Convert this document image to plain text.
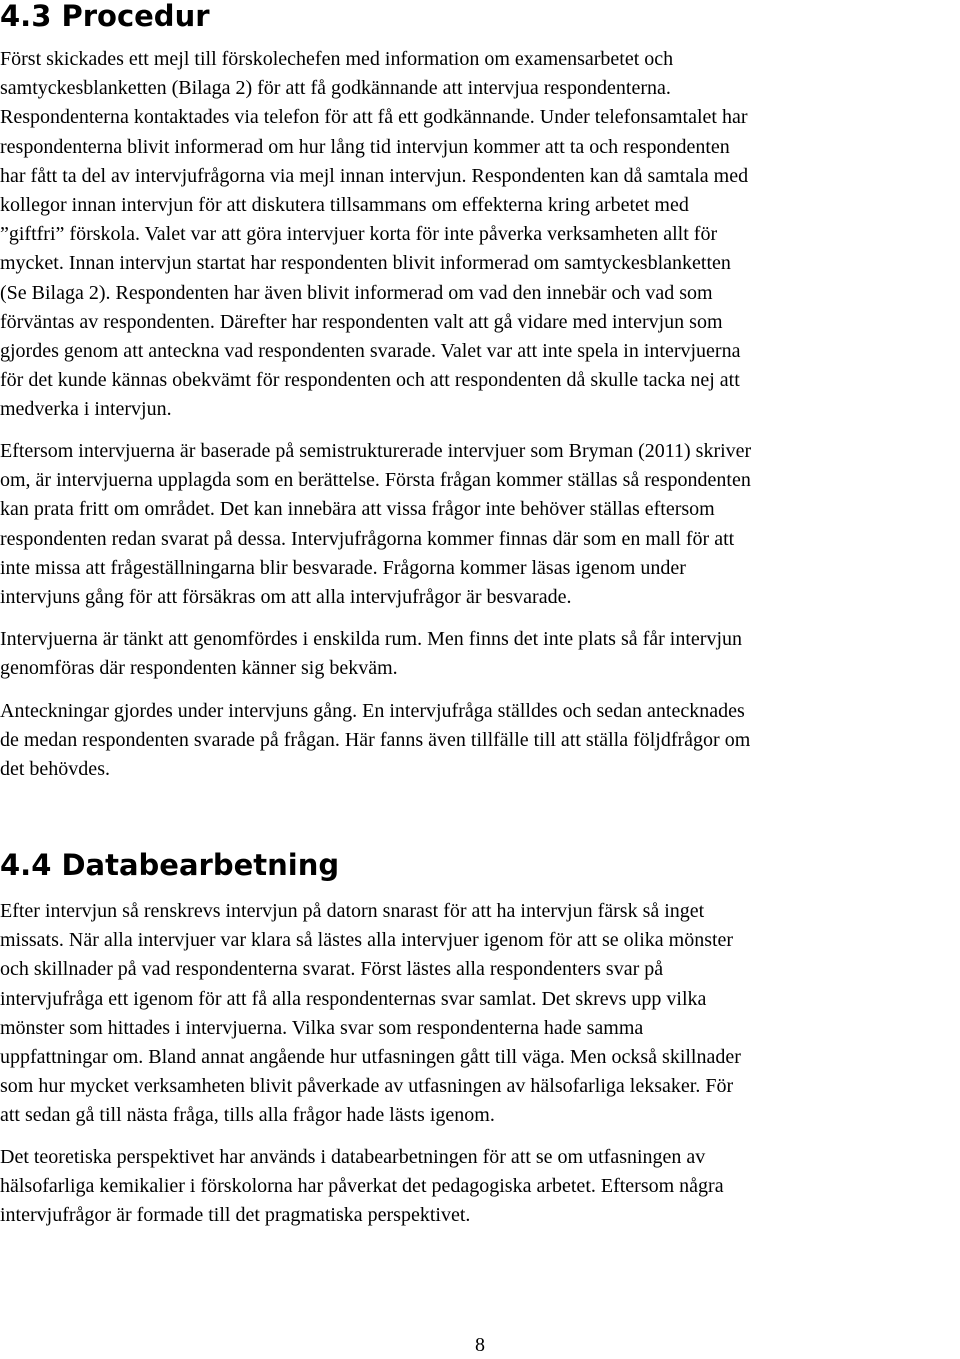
4.3 Procedur

Först skickades ett mejl till förskolechefen med information om examensarbetet och
samtyckesblanketten (Bilaga 2) för att få godkännande att intervjua respondenterna.
Respondenterna kontaktades via telefon för att få ett godkännande. Under telefonsamtalet har
respondenterna blivit informerad om hur lång tid intervjun kommer att ta och respondenten
har fått ta del av intervjufrågorna via mejl innan intervjun. Respondenten kan då samtala med
kollegor innan intervjun för att diskutera tillsammans om effekterna kring arbetet med
”giftfri” förskola. Valet var att göra intervjuer korta för inte påverka verksamheten allt för
mycket. Innan intervjun startat har respondenten blivit informerad om samtyckesblanketten
(Se Bilaga 2). Respondenten har även blivit informerad om vad den innebär och vad som
förväntas av respondenten. Därefter har respondenten valt att gå vidare med intervjun som
gjordes genom att anteckna vad respondenten svarade. Valet var att inte spela in intervjuerna
för det kunde kännas obekvämt för respondenten och att respondenten då skulle tacka nej att
medverka i intervjun.

Eftersom intervjuerna är baserade på semistrukturerade intervjuer som Bryman (2011) skriver
om, är intervjuerna upplagda som en berättelse. Första frågan kommer ställas så respondenten
kan prata fritt om området. Det kan innebära att vissa frågor inte behöver ställas eftersom
respondenten redan svarat på dessa. Intervjufrågorna kommer finnas där som en mall för att
inte missa att frågeställningarna blir besvarade. Frågorna kommer läsas igenom under
intervjuns gång för att försäkras om att alla intervjufrågor är besvarade.

Intervjuerna är tänkt att genomfördes i enskilda rum. Men finns det inte plats så får intervjun
genomföras där respondenten känner sig bekväm.

Anteckningar gjordes under intervjuns gång. En intervjufråga ställdes och sedan antecknades
de medan respondenten svarade på frågan. Här fanns även tillfälle till att ställa följdfrågor om
det behövdes.

4.4 Databearbetning

Efter intervjun så renskrevs intervjun på datorn snarast för att ha intervjun färsk så inget
missats. När alla intervjuer var klara så lästes alla intervjuer igenom för att se olika mönster
och skillnader på vad respondenterna svarat. Först lästes alla respondenters svar på
intervjufråga ett igenom för att få alla respondenternas svar samlat. Det skrevs upp vilka
mönster som hittades i intervjuerna. Vilka svar som respondenterna hade samma
uppfattningar om. Bland annat angående hur utfasningen gått till väga. Men också skillnader
som hur mycket verksamheten blivit påverkade av utfasningen av hälsofarliga leksaker. För
att sedan gå till nästa fråga, tills alla frågor hade lästs igenom.

Det teoretiska perspektivet har används i databearbetningen för att se om utfasningen av
hälsofarliga kemikalier i förskolorna har påverkat det pedagogiska arbetet. Eftersom några
intervjufrågor är formade till det pragmatiska perspektivet.

8
